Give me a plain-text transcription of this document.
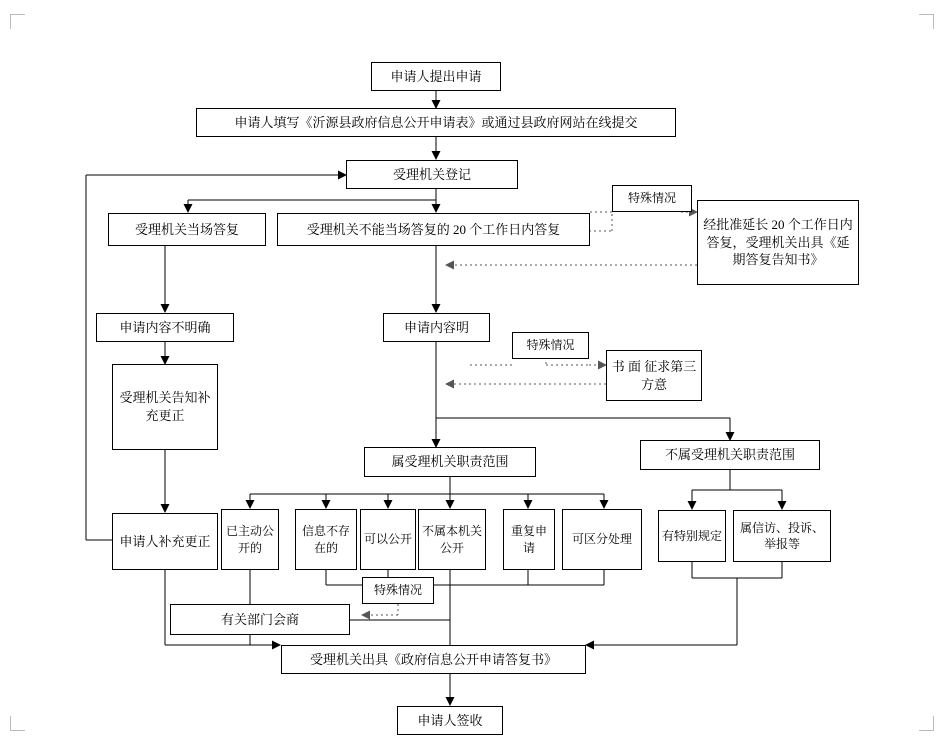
申请人提出申请
申请人填写《沂源县政府信息公开申请表》或通过县政府网站在线提交
受理机关登记
受理机关当场答复	受理机关不能当场答复的 20 个工作日内答复
特殊情况
经批准延长 20 个工作日内答复，受理机关出具《延期答复告知书》
申请内容不明确	申请内容明
特殊情况
书 面 征求第三方意
受理机关告知补充更正
申请人补充更正
属受理机关职责范围	不属受理机关职责范围
已主动公开的
信息不存在的
可以公开
不属本机关公开
重复申请
可区分处理 有特别规定
属信访、投诉、举报等
特殊情况
有关部门会商
受理机关出具《政府信息公开申请答复书》
申请人签收
